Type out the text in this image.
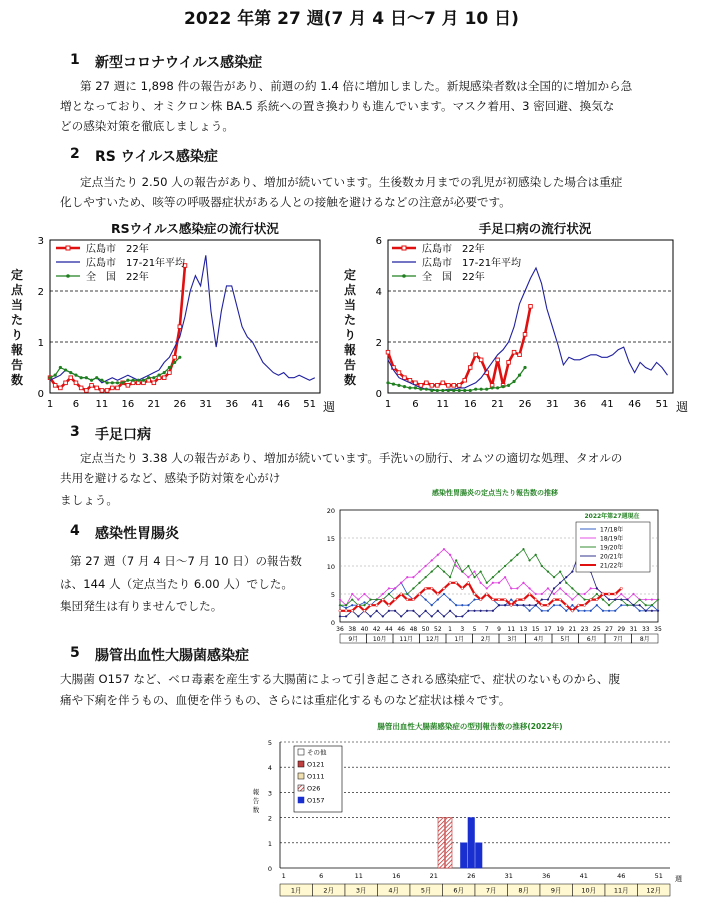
2022 年第 27 週(7 月 4 日〜7 月 10 日)
1 新型コロナウイルス感染症
第 27 週に 1,898 件の報告があり、前週の約 1.4 倍に増加しました。新規感染者数は全国的に増加から急
増となっており、オミクロン株 BA.5 系統への置き換わりも進んでいます。マスク着用、3 密回避、換気な
どの感染対策を徹底しましょう。
2 RS ウイルス感染症
定点当たり 2.50 人の報告があり、増加が続いています。生後数カ月までの乳児が初感染した場合は重症
化しやすいため、咳等の呼吸器症状がある人との接触を避けるなどの注意が必要です。
RSウイルス感染症の流行状況	手足口病の流行状況
定
点
当
た
り
報
告
数
定
点
当
た
り
報
告
数
0
1
2
3
1 6 11 16 21 26 31 36 41 46 51 週
広島市　22年
広島市　17-21年平均
全　国　22年
0
2
4
6
1 6 11 16 21 26 31 36 41 46 51 週
広島市　22年
広島市　17-21年平均
全　国　22年
3 手足口病
定点当たり 3.38 人の報告があり、増加が続いています。手洗いの励行、オムツの適切な処理、タオルの
共用を避けるなど、感染予防対策を心がけ
ましょう。
4 感染性胃腸炎
第 27 週（7 月 4 日〜7 月 10 日）の報告数
は、144 人（定点当たり 6.00 人）でした。
集団発生は有りませんでした。
感染性胃腸炎の定点当たり報告数の推移
0
5
10
15
20
36 38 40 42 44 46 48 50 52 1 3 5 7 9 11 13 15 17 19 21 23 25 27 29 31 33 35
9月 10月 11月 12月 1月	2月	3月	4月	5月	6月	7月	8月
2022年第27週現在
17/18年
18/19年
19/20年
20/21年
21/22年
5 腸管出血性大腸菌感染症
大腸菌 O157 など、ベロ毒素を産生する大腸菌によって引き起こされる感染症で、症状のないものから、腹
痛や下痢を伴うもの、血便を伴うもの、さらには重症化するものなど症状は様々です。
腸管出血性大腸菌感染症の型別報告数の推移(2022年)
0
1
2
3
4
5
報
告
数
1	6	11	16	21	26	31	36	41	46	51 週
1月	2月	3月	4月	5月	6月	7月	8月	9月	10月	11月	12月
その他
O121
O111
O26
O157
